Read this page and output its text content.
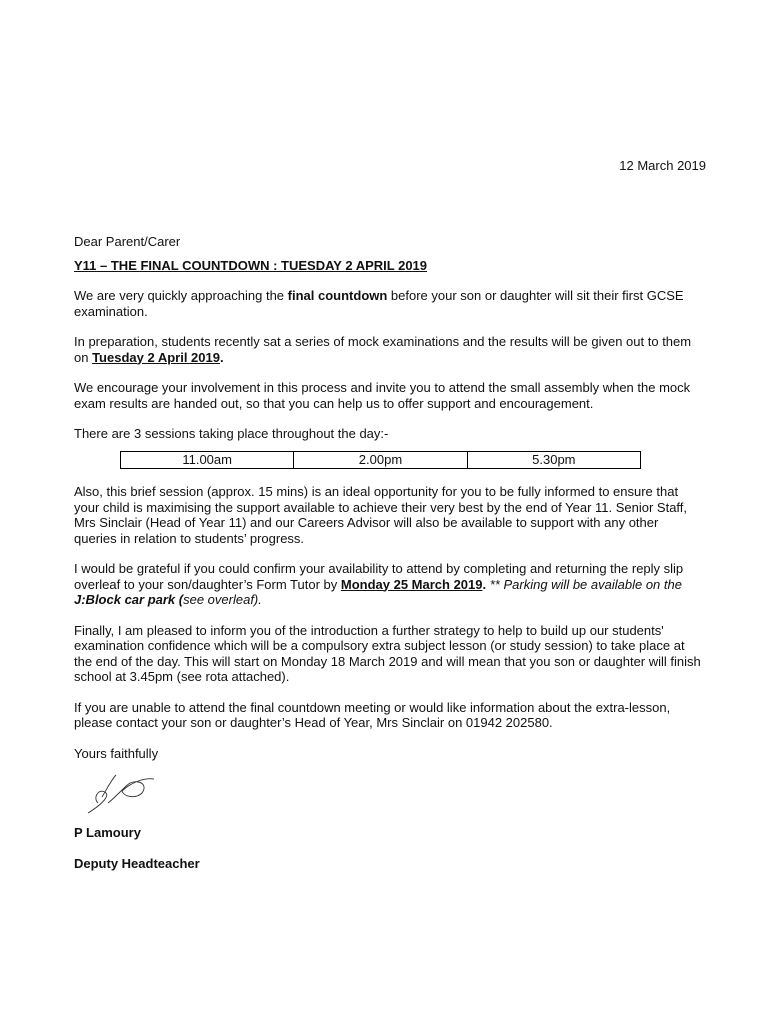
12 March 2019

Dear Parent/Carer

Y11 – THE FINAL COUNTDOWN : TUESDAY 2 APRIL 2019

We are very quickly approaching the final countdown before your son or daughter will sit their first GCSE examination.

In preparation, students recently sat a series of mock examinations and the results will be given out to them on Tuesday 2 April 2019.

We encourage your involvement in this process and invite you to attend the small assembly when the mock exam results are handed out, so that you can help us to offer support and encouragement.

There are 3 sessions taking place throughout the day:-

11.00am	2.00pm	5.30pm

Also, this brief session (approx. 15 mins) is an ideal opportunity for you to be fully informed to ensure that your child is maximising the support available to achieve their very best by the end of Year 11. Senior Staff, Mrs Sinclair (Head of Year 11) and our Careers Advisor will also be available to support with any other queries in relation to students’ progress.

I would be grateful if you could confirm your availability to attend by completing and returning the reply slip overleaf to your son/daughter’s Form Tutor by Monday 25 March 2019. ** Parking will be available on the J:Block car park (see overleaf).

Finally, I am pleased to inform you of the introduction a further strategy to help to build up our students' examination confidence which will be a compulsory extra subject lesson (or study session) to take place at the end of the day. This will start on Monday 18 March 2019 and will mean that you son or daughter will finish school at 3.45pm (see rota attached).

If you are unable to attend the final countdown meeting or would like information about the extra-lesson, please contact your son or daughter’s Head of Year, Mrs Sinclair on 01942 202580.

Yours faithfully

P Lamoury

Deputy Headteacher
